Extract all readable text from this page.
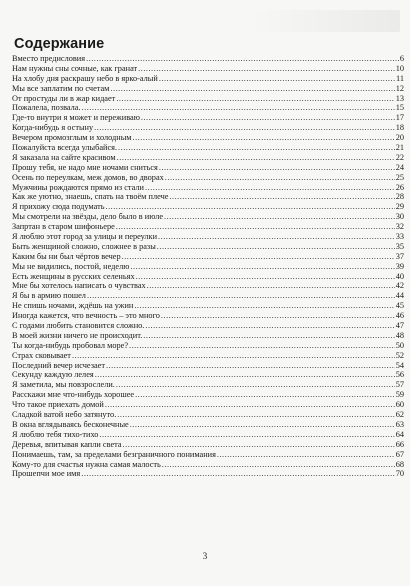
Содержание
Вместо предисловия .....	6
Нам нужны сны сочные, как гранат .....	10
На хлобу дня раскрашу небо в ярко-алый .....	11
Мы все заплатим по счетам .....	12
От простуды ли в жар кидает .....	13
Пожалела, позвала. .....	15
Где-то внутри я может и переживаю .....	17
Когда-нибудь я остыну .....	18
Вечером промозглым и холодным .....	20
Пожалуйста всегда улыбайся. .....	21
Я заказала на сайте красивом .....	22
Прошу тебя, не надо мне ночами сниться .....	24
Осень по переулкам, меж домов, во дворах .....	25
Мужчины рождаются прямо из стали .....	26
Как же уютно, знаешь, спать на твоём плече .....	28
Я прихожу сюда подумать .....	29
Мы смотрели на звёзды, дело было в июле .....	30
Запртан в старом шифоньере .....	32
Я люблю этот город за улицы и переулки .....	33
Быть женщиной сложно, сложнее в разы .....	35
Каким бы ни был чёртов вечер .....	37
Мы не видились, постой, неделю .....	39
Есть женщины в русских селеньях .....	40
Мне бы хотелось написать о чувствах .....	42
Я бы в армию пошел .....	44
Не спишь ночами, ждёшь на ужин .....	45
Иногда кажется, что вечность – это много .....	46
С годами любить становится сложно. .....	47
В моей жизни ничего не происходит. .....	48
Ты когда-нибудь пробовал море? .....	50
Страх сковывает .....	52
Последний вечер исчезает .....	54
Секунду каждую лелея .....	56
Я заметила, мы повзрослели. .....	57
Расскажи мне что-нибудь хорошее .....	59
Что такое приехать домой .....	60
Сладкой ватой небо затянуто. .....	62
В окна вглядываясь бесконечные .....	63
Я люблю тебя тихо-тихо .....	64
Деревья, впитывая капли света .....	66
Понимаешь, там, за пределами безграничного понимания .....	67
Кому-то для счастья нужна самая малость .....	68
Прошепчи мое имя .....	70
3
